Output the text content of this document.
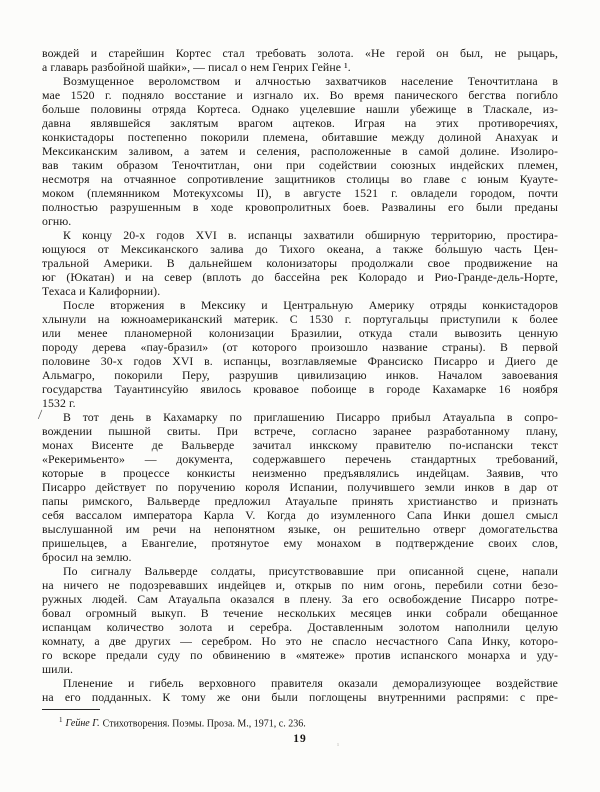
вождей и старейшин Кортес стал требовать золота. «Не герой он был, не рыцарь,
а главарь разбойной шайки», — писал о нем Генрих Гейне ¹.
Возмущенное вероломством и алчностью захватчиков население Теночтитлана в
мае 1520 г. подняло восстание и изгнало их. Во время панического бегства погибло
больше половины отряда Кортеса. Однако уцелевшие нашли убежище в Тласкале, из-
давна являвшейся заклятым врагом ацтеков. Играя на этих противоречиях,
конкистадоры постепенно покорили племена, обитавшие между долиной Анахуак и
Мексиканским заливом, а затем и селения, расположенные в самой долине. Изолиро-
вав таким образом Теночтитлан, они при содействии союзных индейских племен,
несмотря на отчаянное сопротивление защитников столицы во главе с юным Куауте-
моком (племянником Мотекухсомы II), в августе 1521 г. овладели городом, почти
полностью разрушенным в ходе кровопролитных боев. Развалины его были преданы
огню.
К концу 20-х годов XVI в. испанцы захватили обширную территорию, простира-
ющуюся от Мексиканского залива до Тихого океана, а также бо́льшую часть Цен-
тральной Америки. В дальнейшем колонизаторы продолжали свое продвижение на
юг (Юкатан) и на север (вплоть до бассейна рек Колорадо и Рио-Гранде-дель-Норте,
Техаса и Калифорнии).
После вторжения в Мексику и Центральную Америку отряды конкистадоров
хлынули на южноамериканский материк. С 1530 г. португальцы приступили к более
или менее планомерной колонизации Бразилии, откуда стали вывозить ценную
породу дерева «пау-бразил» (от которого произошло название страны). В первой
половине 30-х годов XVI в. испанцы, возглавляемые Франсиско Писарро и Диего де
Альмагро, покорили Перу, разрушив цивилизацию инков. Началом завоевания
государства Тауантинсуйю явилось кровавое побоище в городе Кахамарке 16 ноября
1532 г.
В тот день в Кахамарку по приглашению Писарро прибыл Атауальпа в сопро-
вождении пышной свиты. При встрече, согласно заранее разработанному плану,
монах Висенте де Вальверде зачитал инкскому правителю по-испански текст
«Рекеримьенто» — документа, содержавшего перечень стандартных требований,
которые в процессе конкисты неизменно предъявлялись индейцам. Заявив, что
Писарро действует по поручению короля Испании, получившего земли инков в дар от
папы римского, Вальверде предложил Атауальпе принять христианство и признать
себя вассалом императора Карла V. Когда до изумленного Сапа Инки дошел смысл
выслушанной им речи на непонятном языке, он решительно отверг домогательства
пришельцев, а Евангелие, протянутое ему монахом в подтверждение своих слов,
бросил на землю.
По сигналу Вальверде солдаты, присутствовавшие при описанной сцене, напали
на ничего не подозревавших индейцев и, открыв по ним огонь, перебили сотни безо-
ружных людей. Сам Атауальпа оказался в плену. За его освобождение Писарро потре-
бовал огромный выкуп. В течение нескольких месяцев инки собрали обещанное
испанцам количество золота и серебра. Доставленным золотом наполнили целую
комнату, а две других — серебром. Но это не спасло несчастного Сапа Инку, которо-
го вскоре предали суду по обвинению в «мятеже» против испанского монарха и уду-
шили.
Пленение и гибель верховного правителя оказали деморализующее воздействие
на его подданных. К тому же они были поглощены внутренними распрями: с пре-
/
$^1$ Гейне Г. Стихотворения. Поэмы. Проза. М., 1971, с. 236.
19
¹
